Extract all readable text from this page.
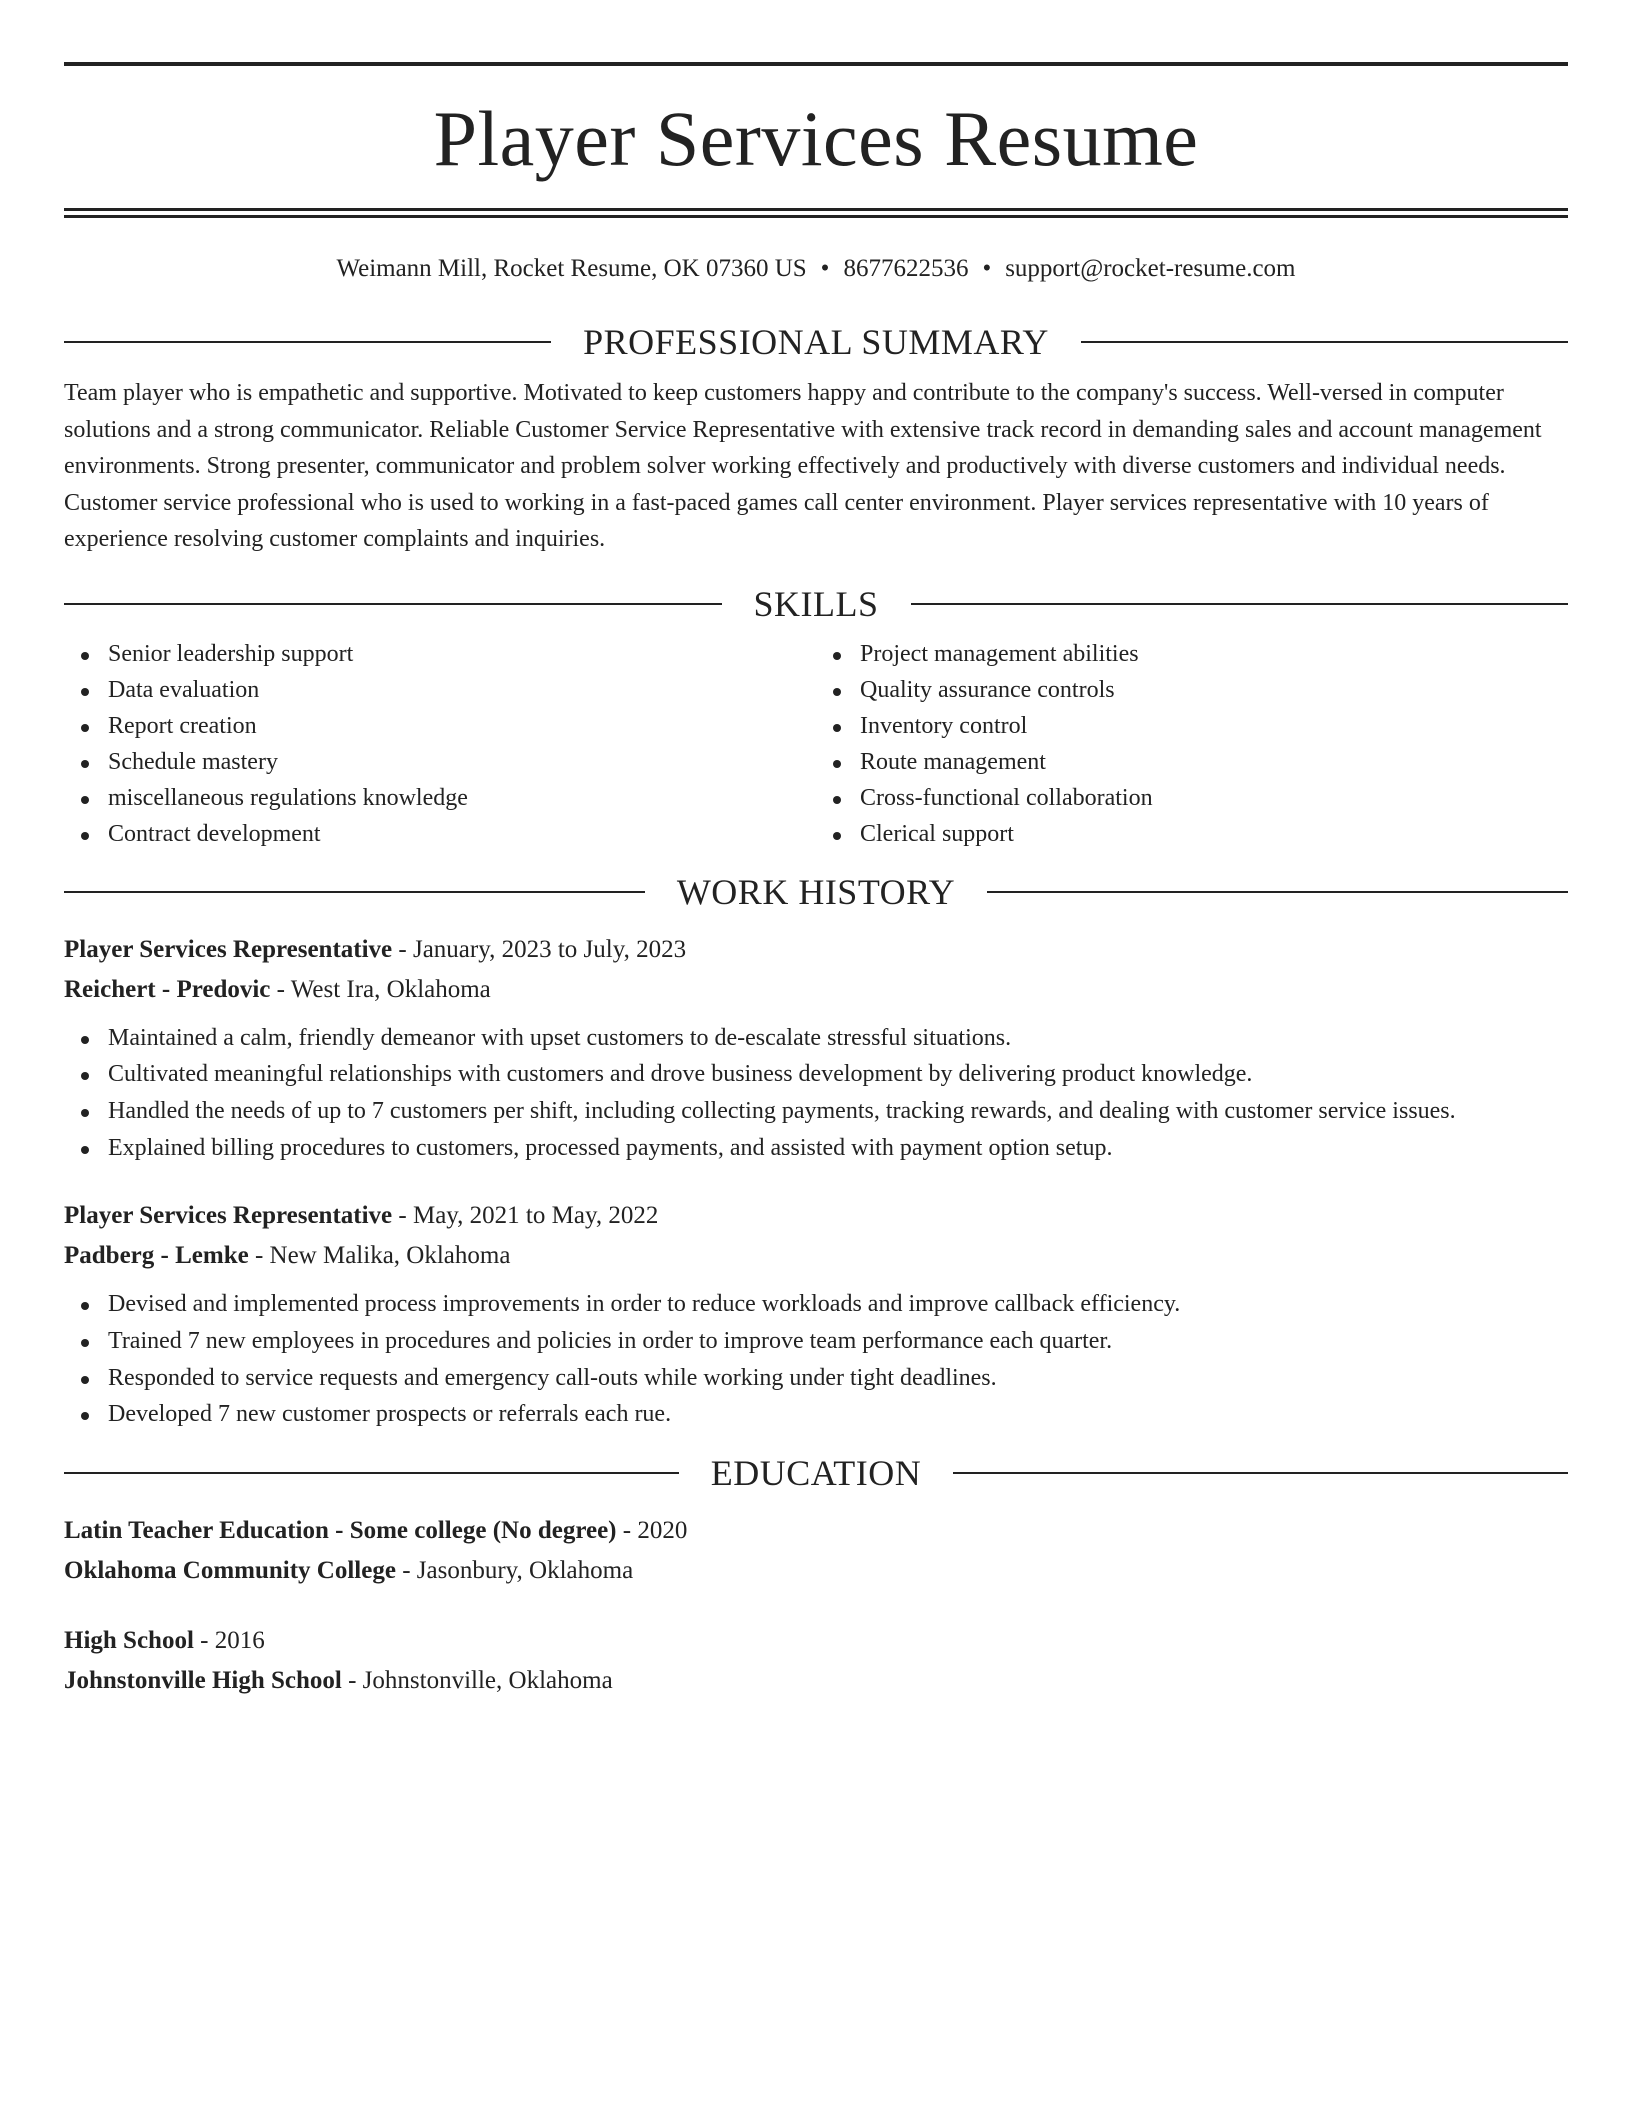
Player Services Resume
Weimann Mill, Rocket Resume, OK 07360 US • 8677622536 • support@rocket-resume.com
PROFESSIONAL SUMMARY
Team player who is empathetic and supportive. Motivated to keep customers happy and contribute to the company's success. Well-versed in computer solutions and a strong communicator. Reliable Customer Service Representative with extensive track record in demanding sales and account management environments. Strong presenter, communicator and problem solver working effectively and productively with diverse customers and individual needs. Customer service professional who is used to working in a fast-paced games call center environment. Player services representative with 10 years of experience resolving customer complaints and inquiries.
SKILLS
Senior leadership support
Data evaluation
Report creation
Schedule mastery
miscellaneous regulations knowledge
Contract development
Project management abilities
Quality assurance controls
Inventory control
Route management
Cross-functional collaboration
Clerical support
WORK HISTORY
Player Services Representative - January, 2023 to July, 2023
Reichert - Predovic - West Ira, Oklahoma
Maintained a calm, friendly demeanor with upset customers to de-escalate stressful situations.
Cultivated meaningful relationships with customers and drove business development by delivering product knowledge.
Handled the needs of up to 7 customers per shift, including collecting payments, tracking rewards, and dealing with customer service issues.
Explained billing procedures to customers, processed payments, and assisted with payment option setup.
Player Services Representative - May, 2021 to May, 2022
Padberg - Lemke - New Malika, Oklahoma
Devised and implemented process improvements in order to reduce workloads and improve callback efficiency.
Trained 7 new employees in procedures and policies in order to improve team performance each quarter.
Responded to service requests and emergency call-outs while working under tight deadlines.
Developed 7 new customer prospects or referrals each rue.
EDUCATION
Latin Teacher Education - Some college (No degree) - 2020
Oklahoma Community College - Jasonbury, Oklahoma
High School - 2016
Johnstonville High School - Johnstonville, Oklahoma
